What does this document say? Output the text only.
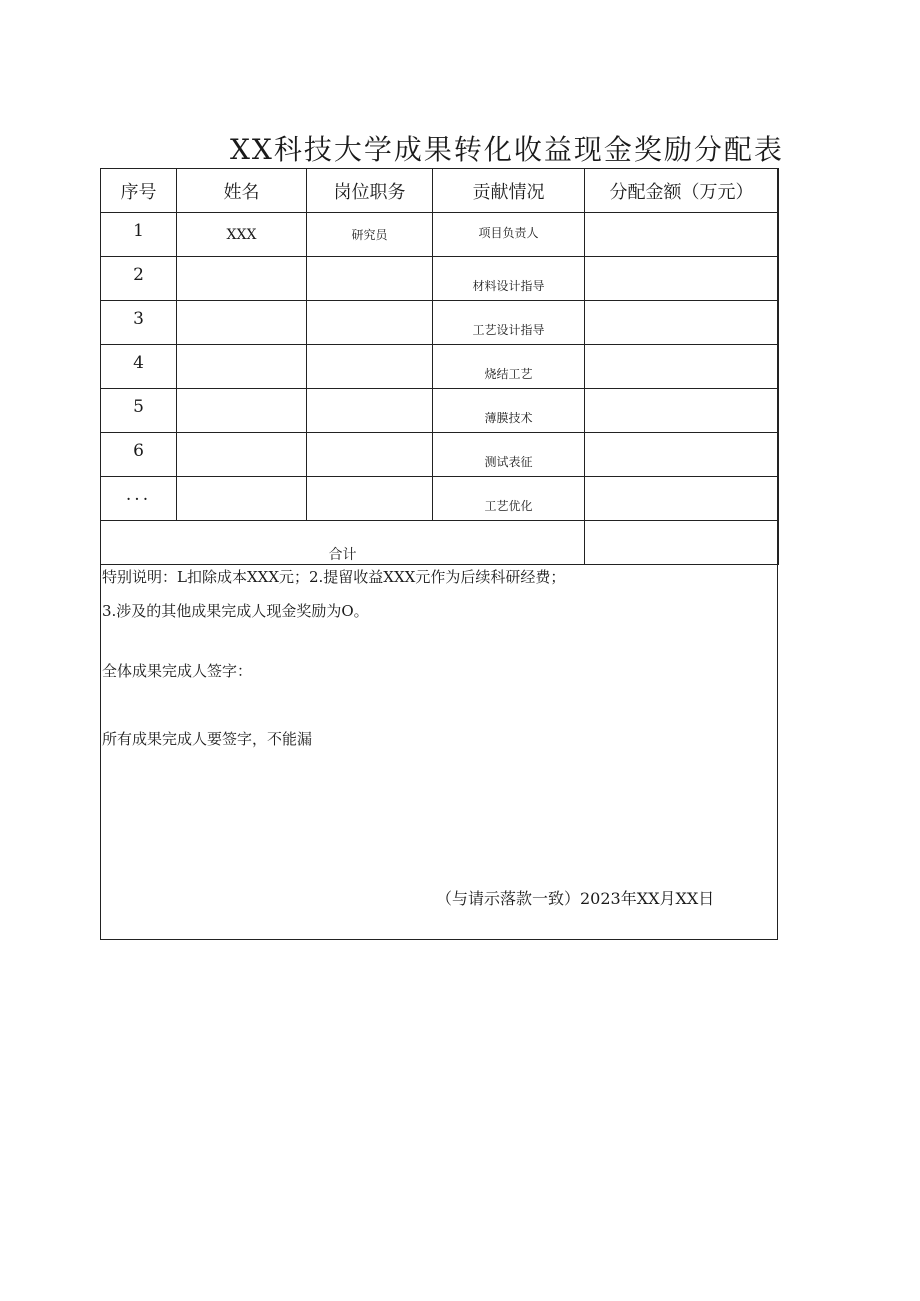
XX科技大学成果转化收益现金奖励分配表
序号	姓名	岗位职务	贡献情况	分配金额（万元）
1	XXX	研究员	项目负责人	
2			材料设计指导	
3			工艺设计指导	
4			烧结工艺	
5			薄膜技术	
6			测试表征	
...			工艺优化	
合计				
特别说明：L扣除成本XXX元；2.提留收益XXX元作为后续科研经费；
3.涉及的其他成果完成人现金奖励为O。
全体成果完成人签字：
所有成果完成人要签字，不能漏
（与请示落款一致）2023年XX月XX日
